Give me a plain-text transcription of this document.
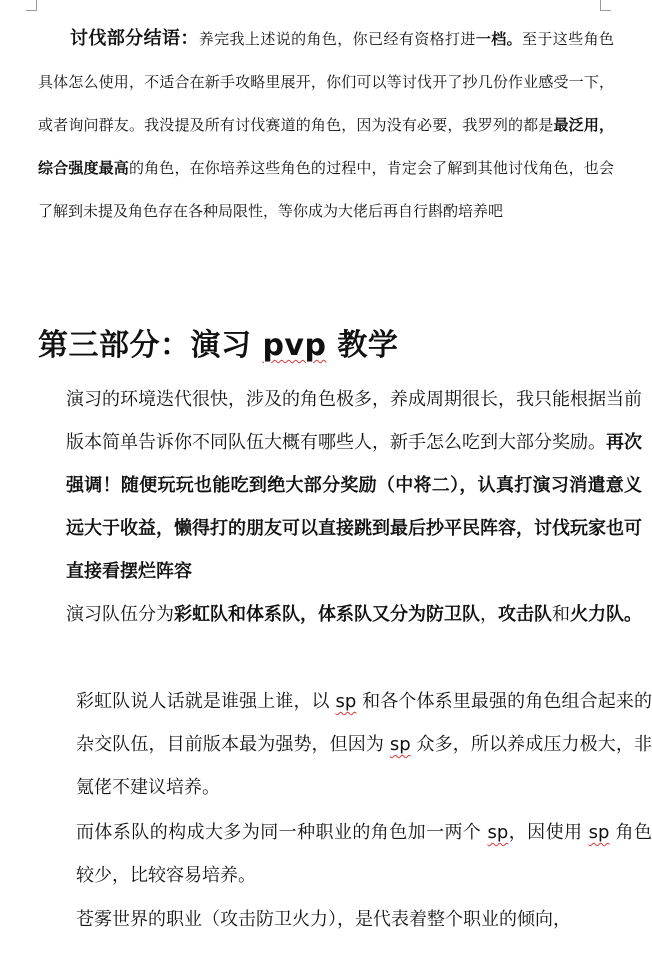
讨伐部分结语：养完我上述说的角色，你已经有资格打进一档。至于这些角色具体怎么使用，不适合在新手攻略里展开，你们可以等讨伐开了抄几份作业感受一下，或者询问群友。我没提及所有讨伐赛道的角色，因为没有必要，我罗列的都是最泛用，综合强度最高的角色，在你培养这些角色的过程中，肯定会了解到其他讨伐角色，也会了解到未提及角色存在各种局限性，等你成为大佬后再自行斟酌培养吧
第三部分：演习 pvp 教学
演习的环境迭代很快，涉及的角色极多，养成周期很长，我只能根据当前版本简单告诉你不同队伍大概有哪些人，新手怎么吃到大部分奖励。再次强调！随便玩玩也能吃到绝大部分奖励（中将二），认真打演习消遣意义远大于收益，懒得打的朋友可以直接跳到最后抄平民阵容，讨伐玩家也可直接看摆烂阵容
演习队伍分为彩虹队和体系队，体系队又分为防卫队，攻击队和火力队。
彩虹队说人话就是谁强上谁，以 sp 和各个体系里最强的角色组合起来的杂交队伍，目前版本最为强势，但因为 sp 众多，所以养成压力极大，非氪佬不建议培养。
而体系队的构成大多为同一种职业的角色加一两个 sp，因使用 sp 角色较少，比较容易培养。
苍雾世界的职业（攻击防卫火力），是代表着整个职业的倾向，
